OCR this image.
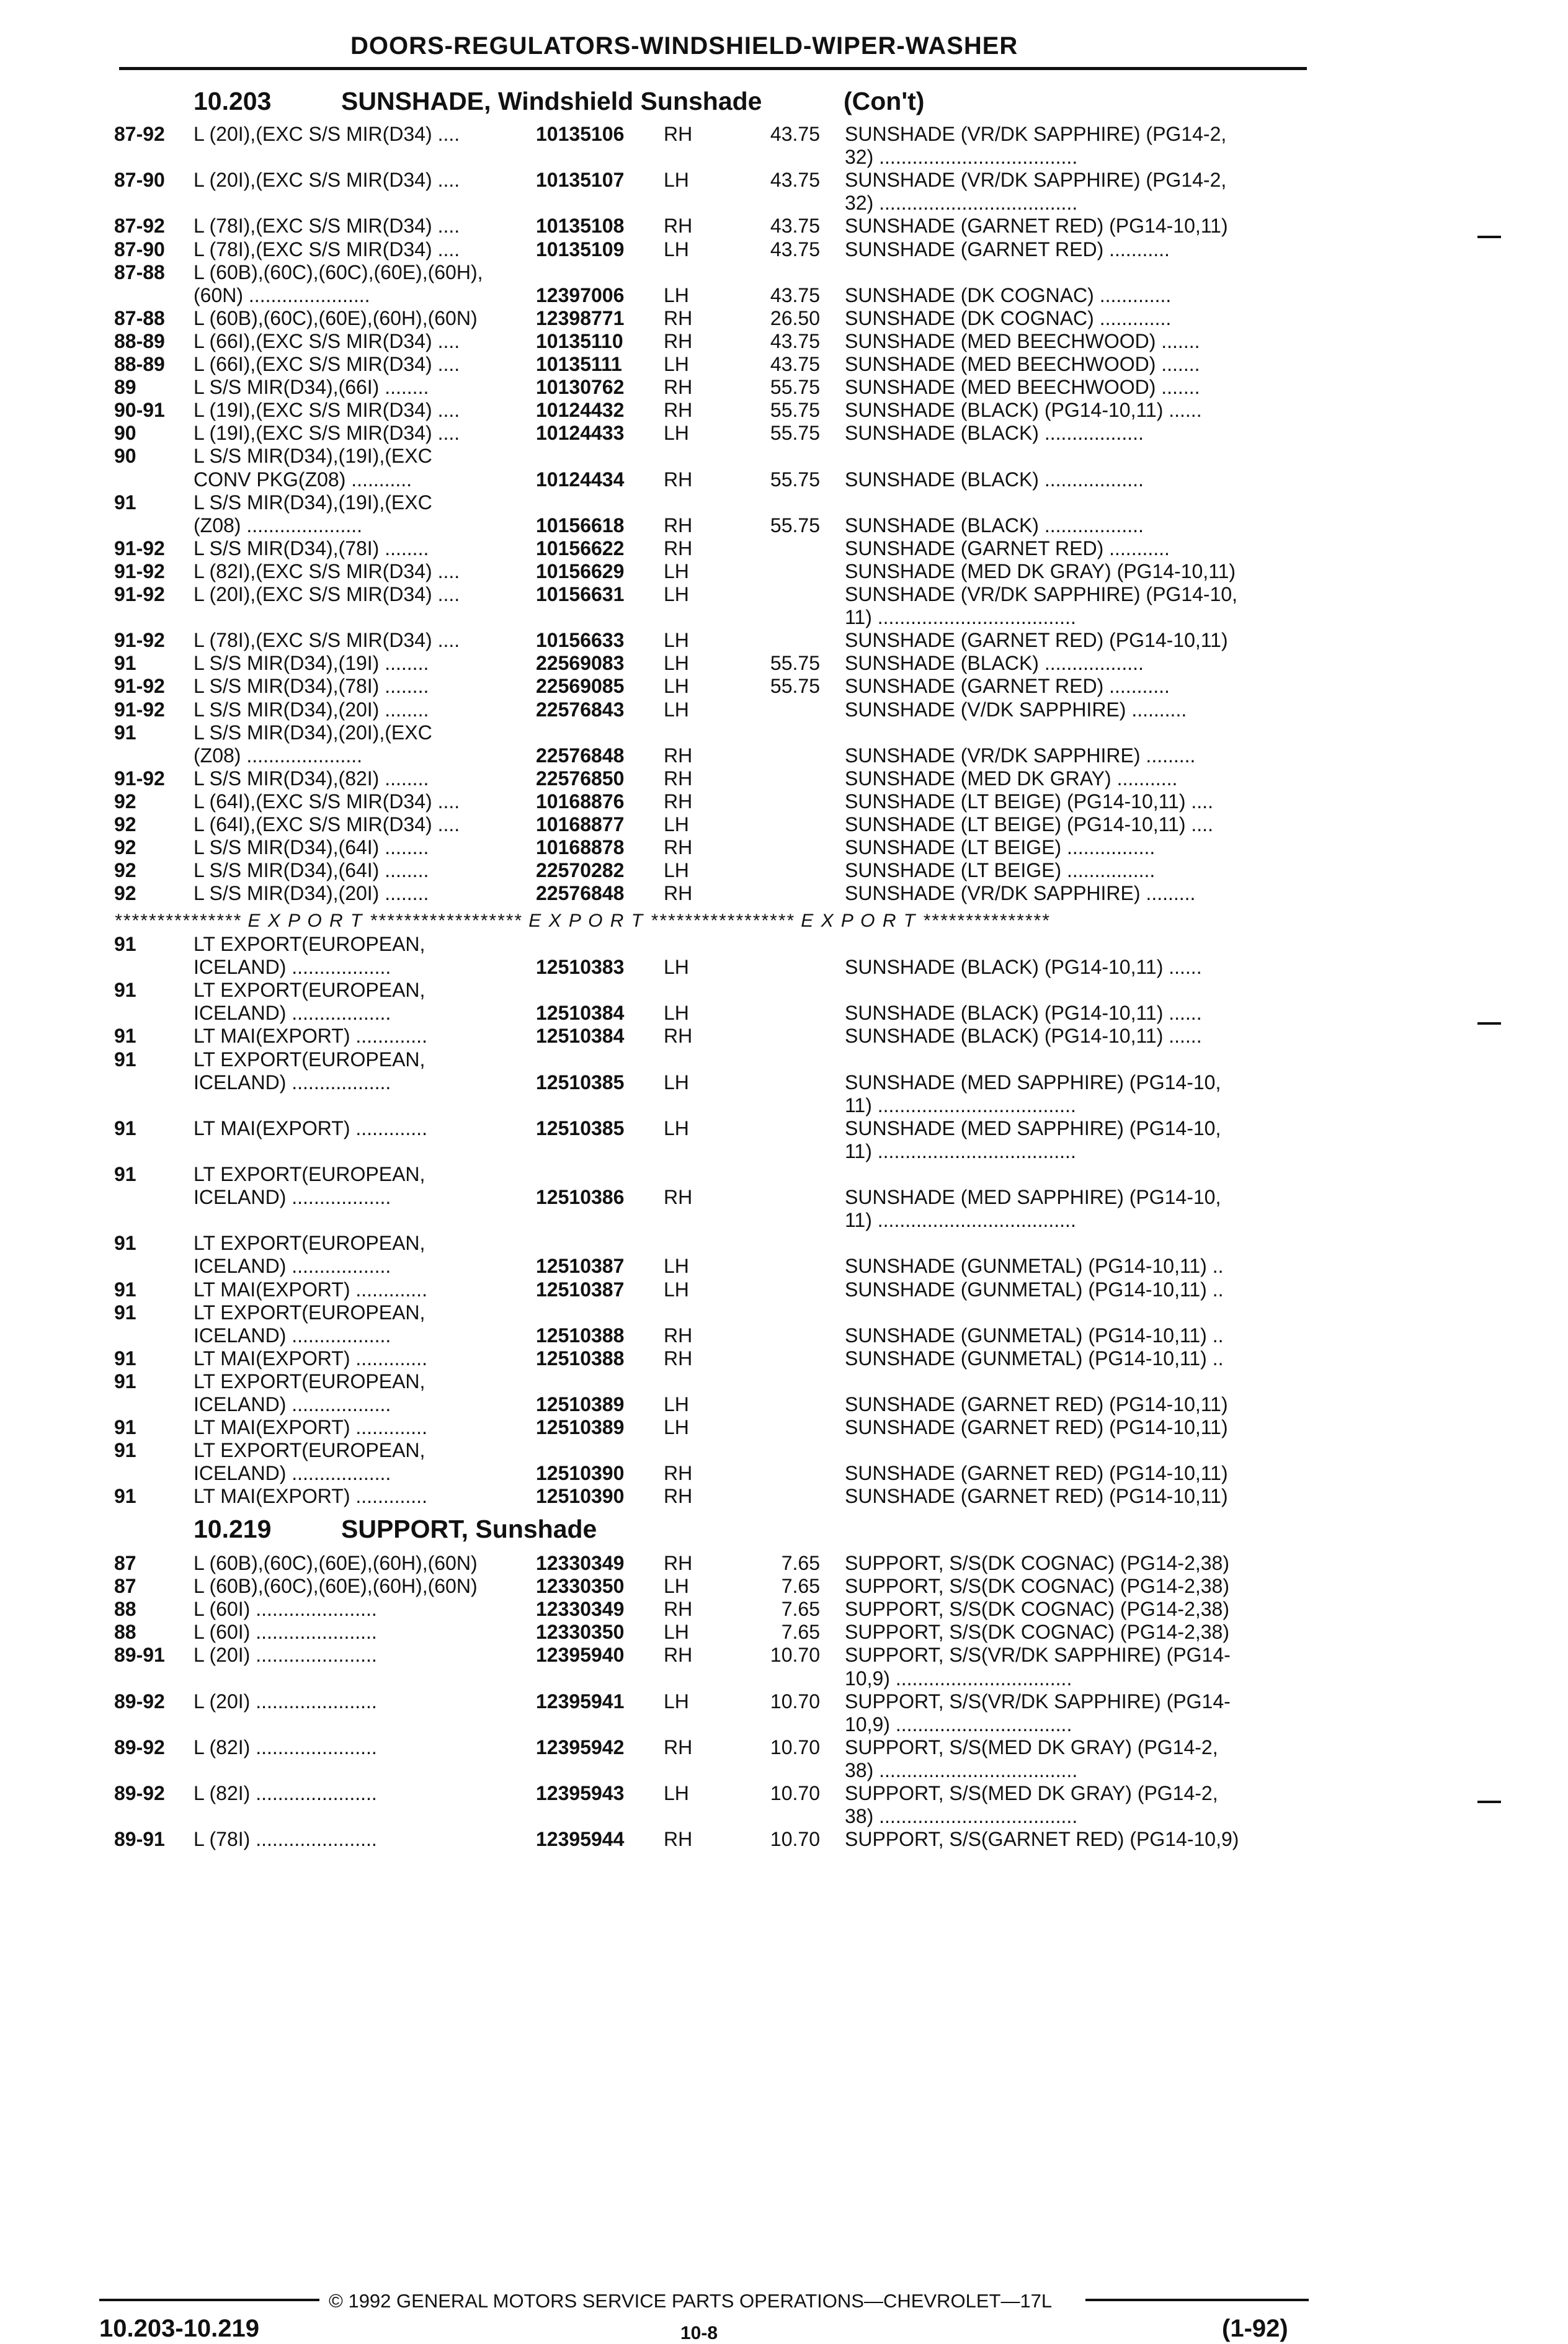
DOORS-REGULATORS-WINDSHIELD-WIPER-WASHER
10.203	SUNSHADE, Windshield Sunshade	(Con't)
87-92 L (20I),(EXC S/S MIR(D34) ....	10135106 RH	43.75 SUNSHADE (VR/DK SAPPHIRE) (PG14-2,
32) ....................................
87-90 L (20I),(EXC S/S MIR(D34) ....	10135107 LH	43.75 SUNSHADE (VR/DK SAPPHIRE) (PG14-2,
32) ....................................
87-92 L (78I),(EXC S/S MIR(D34) ....	10135108 RH	43.75 SUNSHADE (GARNET RED) (PG14-10,11)
87-90 L (78I),(EXC S/S MIR(D34) ....	10135109 LH	43.75 SUNSHADE (GARNET RED) ...........
87-88 L (60B),(60C),(60C),(60E),(60H),
(60N) ......................	12397006 LH	43.75 SUNSHADE (DK COGNAC) .............
87-88 L (60B),(60C),(60E),(60H),(60N)	12398771 RH	26.50 SUNSHADE (DK COGNAC) .............
88-89 L (66I),(EXC S/S MIR(D34) ....	10135110 RH	43.75 SUNSHADE (MED BEECHWOOD) .......
88-89 L (66I),(EXC S/S MIR(D34) ....	10135111 LH	43.75 SUNSHADE (MED BEECHWOOD) .......
89	L S/S MIR(D34),(66I) ........	10130762 RH	55.75 SUNSHADE (MED BEECHWOOD) .......
90-91 L (19I),(EXC S/S MIR(D34) ....	10124432 RH	55.75 SUNSHADE (BLACK) (PG14-10,11) ......
90	L (19I),(EXC S/S MIR(D34) ....	10124433 LH	55.75 SUNSHADE (BLACK) ..................
90	L S/S MIR(D34),(19I),(EXC
CONV PKG(Z08) ...........	10124434 RH	55.75 SUNSHADE (BLACK) ..................
91	L S/S MIR(D34),(19I),(EXC
(Z08) .....................	10156618 RH	55.75 SUNSHADE (BLACK) ..................
91-92 L S/S MIR(D34),(78I) ........	10156622 RH	SUNSHADE (GARNET RED) ...........
91-92 L (82I),(EXC S/S MIR(D34) ....	10156629 LH	SUNSHADE (MED DK GRAY) (PG14-10,11)
91-92 L (20I),(EXC S/S MIR(D34) ....	10156631 LH	SUNSHADE (VR/DK SAPPHIRE) (PG14-10,
11) ....................................
91-92 L (78I),(EXC S/S MIR(D34) ....	10156633 LH	SUNSHADE (GARNET RED) (PG14-10,11)
91	L S/S MIR(D34),(19I) ........	22569083 LH	55.75 SUNSHADE (BLACK) ..................
91-92 L S/S MIR(D34),(78I) ........	22569085 LH	55.75 SUNSHADE (GARNET RED) ...........
91-92 L S/S MIR(D34),(20I) ........	22576843 LH	SUNSHADE (V/DK SAPPHIRE) ..........
91	L S/S MIR(D34),(20I),(EXC
(Z08) .....................	22576848 RH	SUNSHADE (VR/DK SAPPHIRE) .........
91-92 L S/S MIR(D34),(82I) ........	22576850 RH	SUNSHADE (MED DK GRAY) ...........
92	L (64I),(EXC S/S MIR(D34) ....	10168876 RH	SUNSHADE (LT BEIGE) (PG14-10,11) ....
92	L (64I),(EXC S/S MIR(D34) ....	10168877 LH	SUNSHADE (LT BEIGE) (PG14-10,11) ....
92	L S/S MIR(D34),(64I) ........	10168878 RH	SUNSHADE (LT BEIGE) ................
92	L S/S MIR(D34),(64I) ........	22570282 LH	SUNSHADE (LT BEIGE) ................
92	L S/S MIR(D34),(20I) ........	22576848 RH	SUNSHADE (VR/DK SAPPHIRE) .........
*************** E X P O R T ****************** E X P O R T ***************** E X P O R T ***************
91	LT EXPORT(EUROPEAN,
ICELAND) ..................	12510383 LH	SUNSHADE (BLACK) (PG14-10,11) ......
91	LT EXPORT(EUROPEAN,
ICELAND) ..................	12510384 LH	SUNSHADE (BLACK) (PG14-10,11) ......
91	LT MAI(EXPORT) .............	12510384 RH	SUNSHADE (BLACK) (PG14-10,11) ......
91	LT EXPORT(EUROPEAN,
ICELAND) ..................	12510385 LH	SUNSHADE (MED SAPPHIRE) (PG14-10,
11) ....................................
91	LT MAI(EXPORT) .............	12510385 LH	SUNSHADE (MED SAPPHIRE) (PG14-10,
11) ....................................
91	LT EXPORT(EUROPEAN,
ICELAND) ..................	12510386 RH	SUNSHADE (MED SAPPHIRE) (PG14-10,
11) ....................................
91	LT EXPORT(EUROPEAN,
ICELAND) ..................	12510387 LH	SUNSHADE (GUNMETAL) (PG14-10,11) ..
91	LT MAI(EXPORT) .............	12510387 LH	SUNSHADE (GUNMETAL) (PG14-10,11) ..
91	LT EXPORT(EUROPEAN,
ICELAND) ..................	12510388 RH	SUNSHADE (GUNMETAL) (PG14-10,11) ..
91	LT MAI(EXPORT) .............	12510388 RH	SUNSHADE (GUNMETAL) (PG14-10,11) ..
91	LT EXPORT(EUROPEAN,
ICELAND) ..................	12510389 LH	SUNSHADE (GARNET RED) (PG14-10,11)
91	LT MAI(EXPORT) .............	12510389 LH	SUNSHADE (GARNET RED) (PG14-10,11)
91	LT EXPORT(EUROPEAN,
ICELAND) ..................	12510390 RH	SUNSHADE (GARNET RED) (PG14-10,11)
91	LT MAI(EXPORT) .............	12510390 RH	SUNSHADE (GARNET RED) (PG14-10,11)
10.219	SUPPORT, Sunshade
87	L (60B),(60C),(60E),(60H),(60N)	12330349 RH	7.65 SUPPORT, S/S(DK COGNAC) (PG14-2,38)
87	L (60B),(60C),(60E),(60H),(60N)	12330350 LH	7.65 SUPPORT, S/S(DK COGNAC) (PG14-2,38)
88	L (60I) ......................	12330349 RH	7.65 SUPPORT, S/S(DK COGNAC) (PG14-2,38)
88	L (60I) ......................	12330350 LH	7.65 SUPPORT, S/S(DK COGNAC) (PG14-2,38)
89-91 L (20I) ......................	12395940 RH	10.70 SUPPORT, S/S(VR/DK SAPPHIRE) (PG14-
10,9) ................................
89-92 L (20I) ......................	12395941 LH	10.70 SUPPORT, S/S(VR/DK SAPPHIRE) (PG14-
10,9) ................................
89-92 L (82I) ......................	12395942 RH	10.70 SUPPORT, S/S(MED DK GRAY) (PG14-2,
38) ....................................
89-92 L (82I) ......................	12395943 LH	10.70 SUPPORT, S/S(MED DK GRAY) (PG14-2,
38) ....................................
89-91 L (78I) ......................	12395944 RH	10.70 SUPPORT, S/S(GARNET RED) (PG14-10,9)
© 1992 GENERAL MOTORS SERVICE PARTS OPERATIONS—CHEVROLET—17L
10.203-10.219	10-8	(1-92)
